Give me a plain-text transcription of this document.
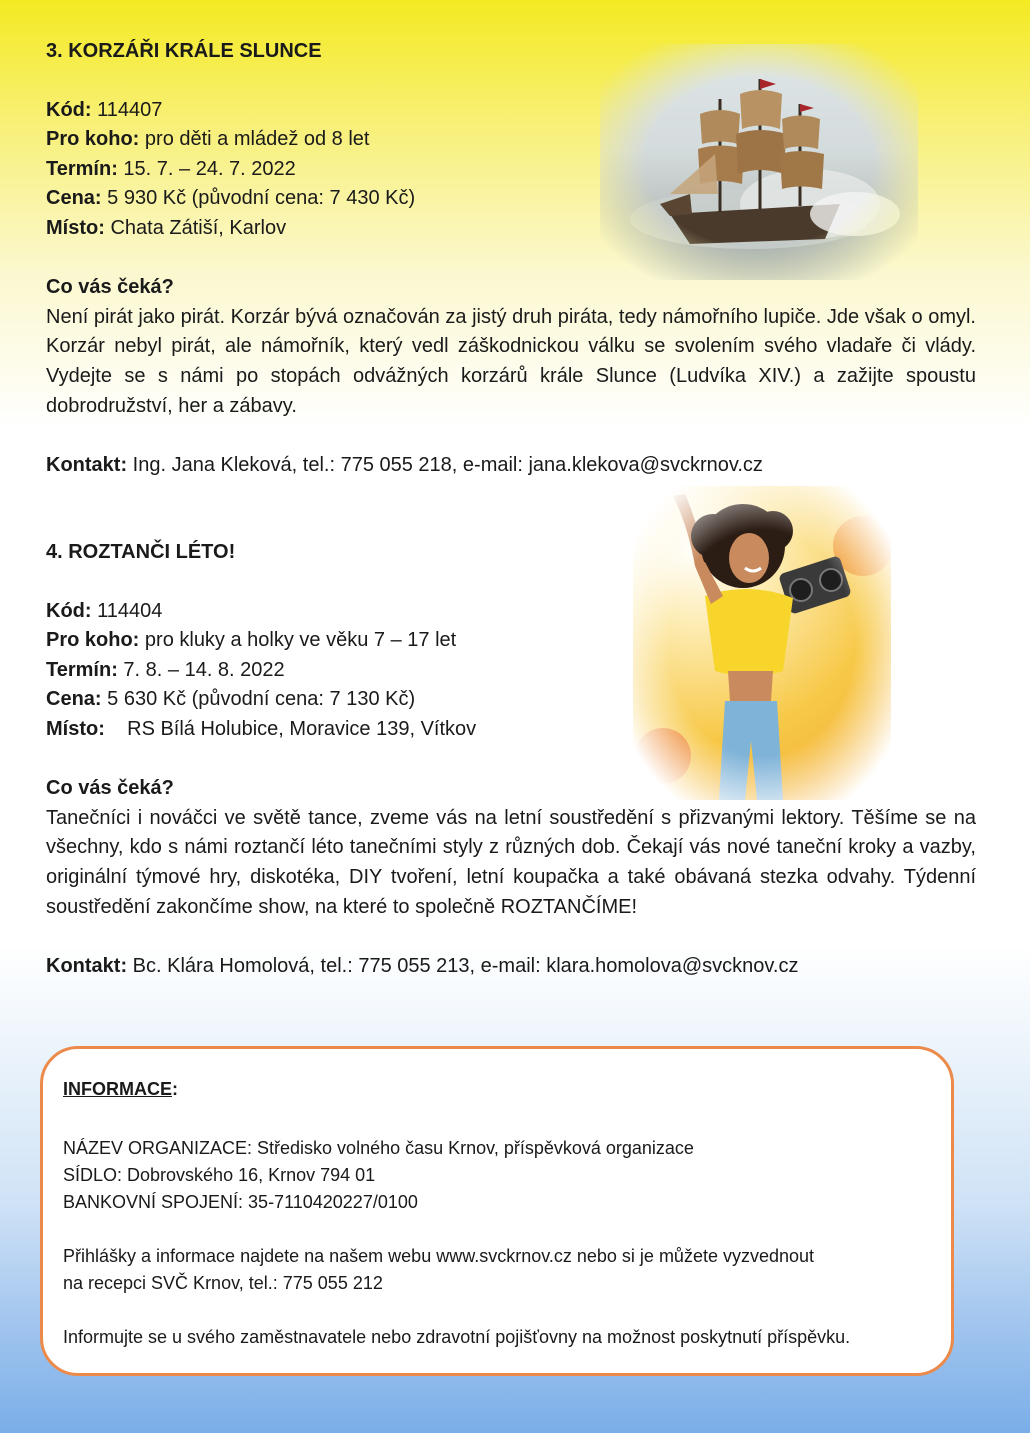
3. KORZÁŘI KRÁLE SLUNCE

Kód: 114407

Pro koho: pro děti a mládež od 8 let

Termín: 15. 7. – 24. 7. 2022

Cena: 5 930 Kč (původní cena: 7 430 Kč)

Místo: Chata Zátiší, Karlov

Co vás čeká?

Není pirát jako pirát. Korzár bývá označován za jistý druh piráta, tedy námořního lupiče. Jde však o omyl. Korzár nebyl pirát, ale námořník, který vedl záškodnickou válku se svolením svého vladaře či vlády. Vydejte se s námi po stopách odvážných korzárů krále Slunce (Ludvíka XIV.) a zažijte spoustu dobrodružství, her a zábavy.

Kontakt: Ing. Jana Kleková, tel.: 775 055 218, e-mail: jana.klekova@svckrnov.cz

4. ROZTANČI LÉTO!

Kód: 114404

Pro koho: pro kluky a holky ve věku 7 – 17 let

Termín: 7. 8. – 14. 8. 2022

Cena: 5 630 Kč (původní cena: 7 130 Kč)

Místo: RS Bílá Holubice, Moravice 139, Vítkov

Co vás čeká?

Tanečníci i nováčci ve světě tance, zveme vás na letní soustředění s přizvanými lektory. Těšíme se na všechny, kdo s námi roztančí léto tanečními styly z různých dob. Čekají vás nové taneční kroky a vazby, originální týmové hry, diskotéka, DIY tvoření, letní koupačka a také obávaná stezka odvahy. Týdenní soustředění zakončíme show, na které to společně ROZTANČÍME!

Kontakt: Bc. Klára Homolová, tel.: 775 055 213, e-mail: klara.homolova@svcknov.cz

INFORMACE:

NÁZEV ORGANIZACE: Středisko volného času Krnov, příspěvková organizace

SÍDLO: Dobrovského 16, Krnov 794 01

BANKOVNÍ SPOJENÍ: 35-7110420227/0100

Přihlášky a informace najdete na našem webu www.svckrnov.cz nebo si je můžete vyzvednout

na recepci SVČ Krnov, tel.: 775 055 212

Informujte se u svého zaměstnavatele nebo zdravotní pojišťovny na možnost poskytnutí příspěvku.
